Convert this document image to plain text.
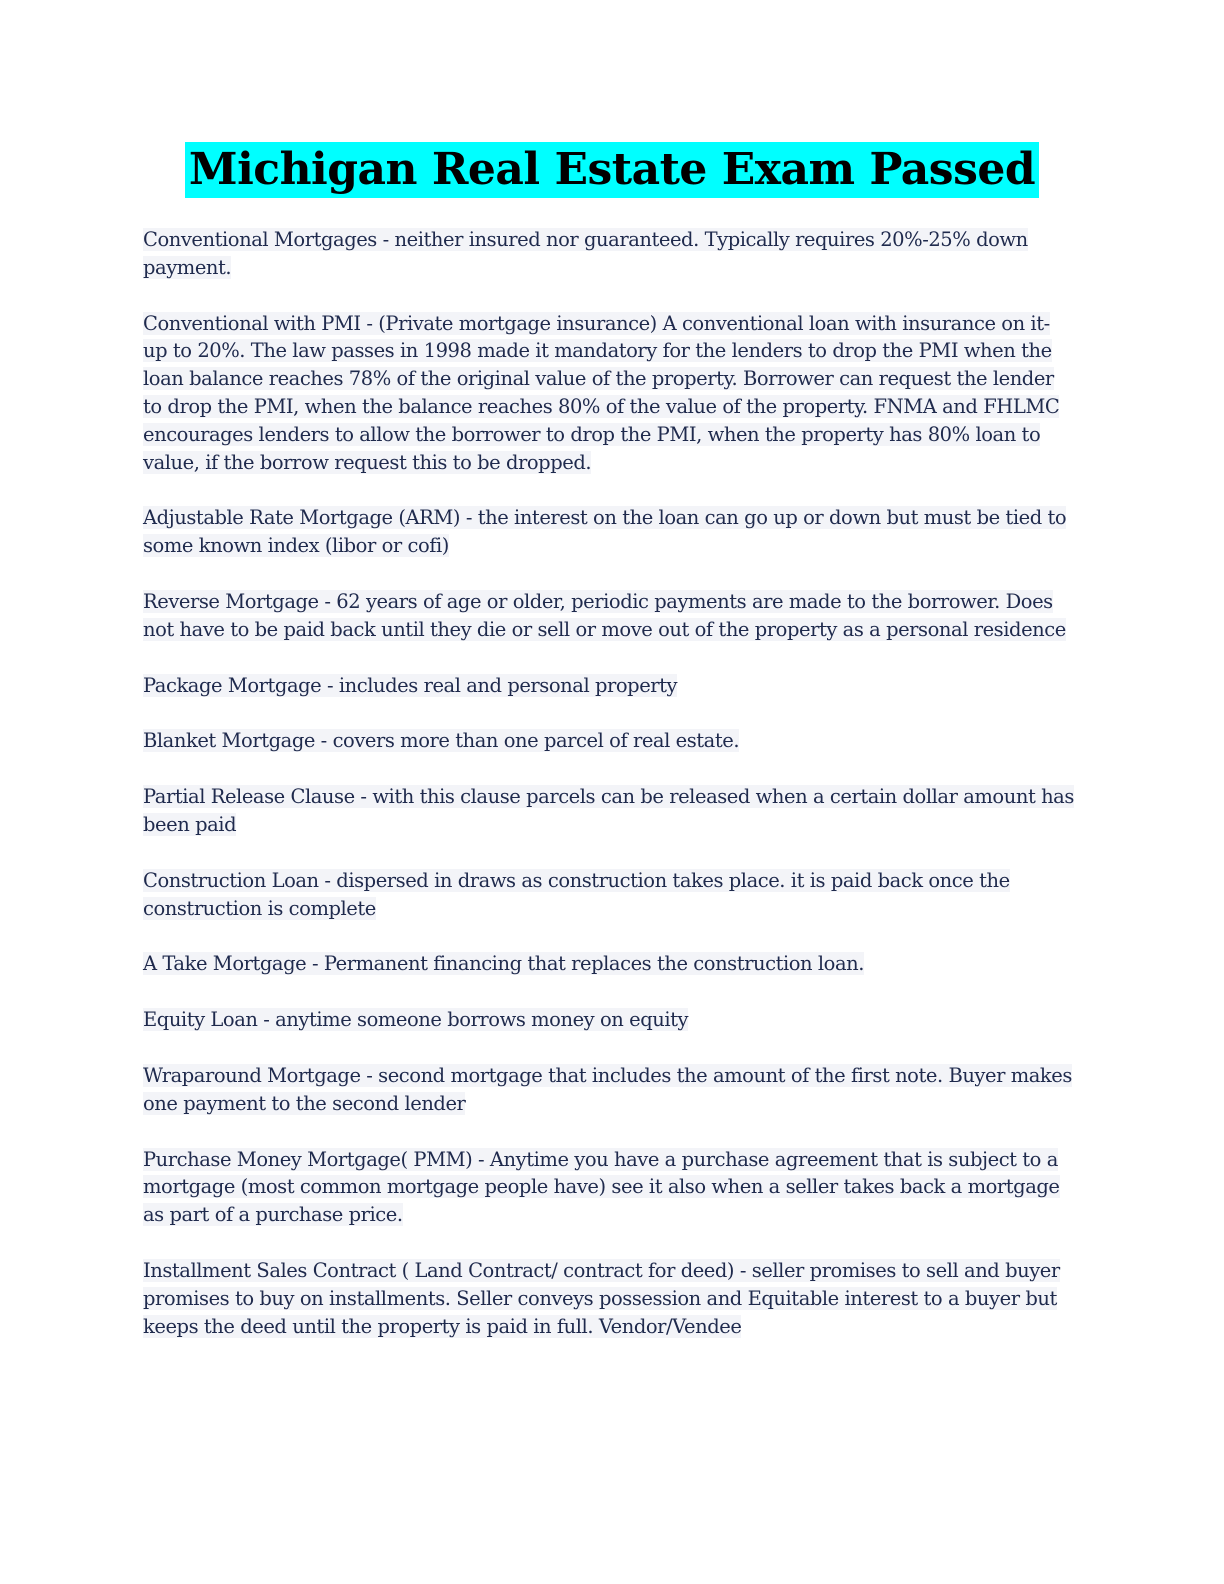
Michigan Real Estate Exam Passed

Conventional Mortgages - neither insured nor guaranteed. Typically requires 20%-25% down payment.

Conventional with PMI - (Private mortgage insurance) A conventional loan with insurance on it- up to 20%. The law passes in 1998 made it mandatory for the lenders to drop the PMI when the loan balance reaches 78% of the original value of the property. Borrower can request the lender to drop the PMI, when the balance reaches 80% of the value of the property. FNMA and FHLMC encourages lenders to allow the borrower to drop the PMI, when the property has 80% loan to value, if the borrow request this to be dropped.

Adjustable Rate Mortgage (ARM) - the interest on the loan can go up or down but must be tied to some known index (libor or cofi)

Reverse Mortgage - 62 years of age or older, periodic payments are made to the borrower. Does not have to be paid back until they die or sell or move out of the property as a personal residence

Package Mortgage - includes real and personal property

Blanket Mortgage - covers more than one parcel of real estate.

Partial Release Clause - with this clause parcels can be released when a certain dollar amount has been paid

Construction Loan - dispersed in draws as construction takes place. it is paid back once the construction is complete

A Take Mortgage - Permanent financing that replaces the construction loan.

Equity Loan - anytime someone borrows money on equity

Wraparound Mortgage - second mortgage that includes the amount of the first note. Buyer makes one payment to the second lender

Purchase Money Mortgage( PMM) - Anytime you have a purchase agreement that is subject to a mortgage (most common mortgage people have) see it also when a seller takes back a mortgage as part of a purchase price.

Installment Sales Contract ( Land Contract/ contract for deed) - seller promises to sell and buyer promises to buy on installments. Seller conveys possession and Equitable interest to a buyer but keeps the deed until the property is paid in full. Vendor/Vendee
